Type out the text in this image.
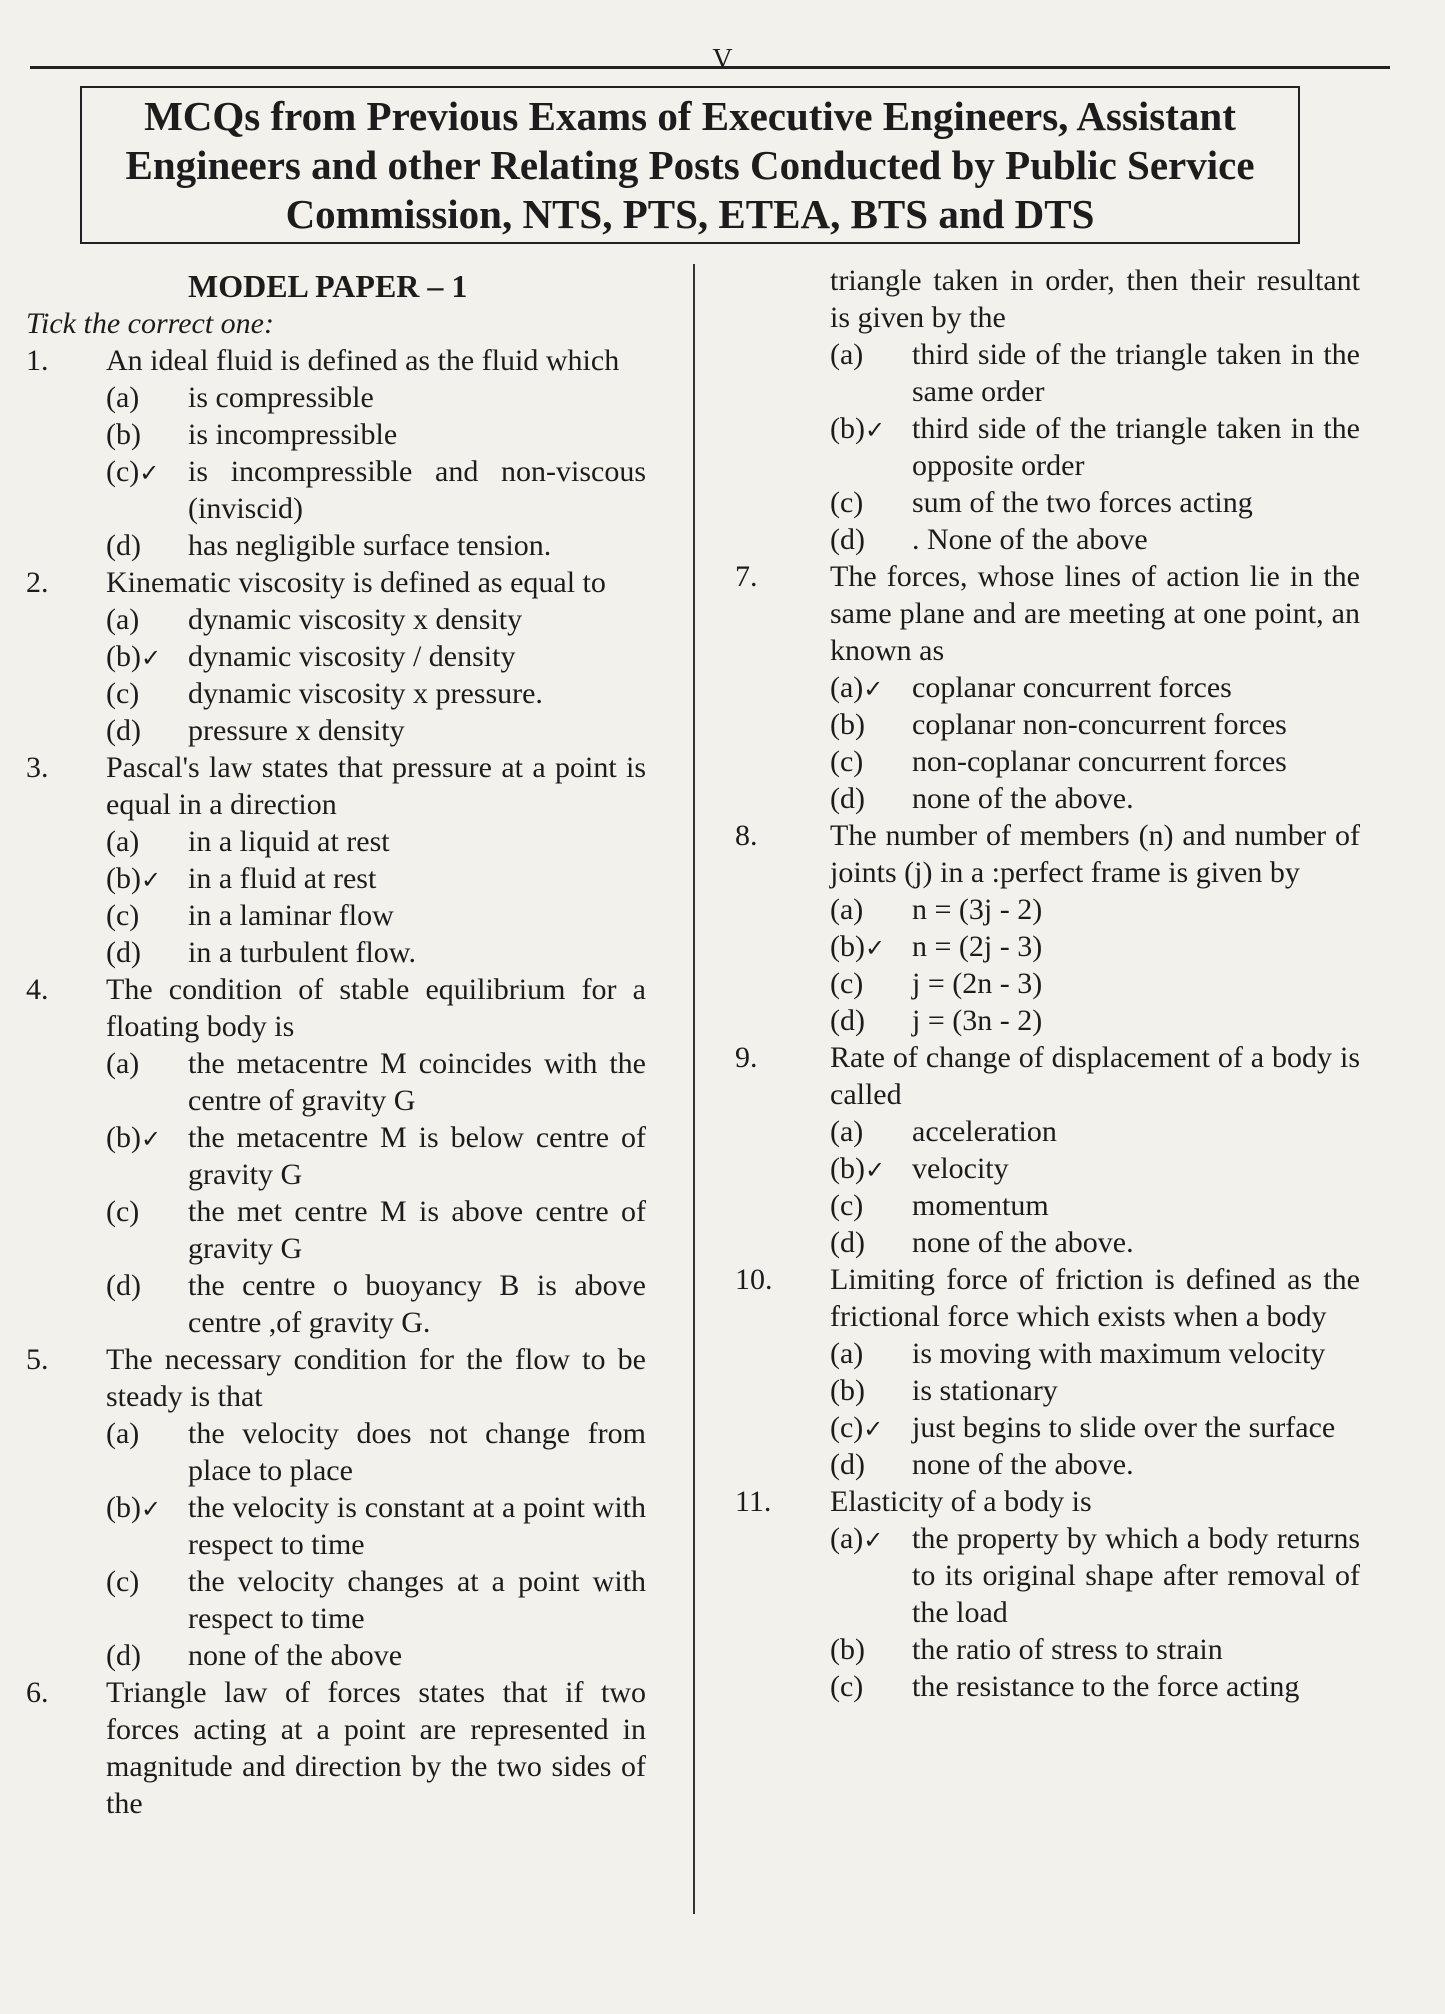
V
MCQs from Previous Exams of Executive Engineers, Assistant
Engineers and other Relating Posts Conducted by Public Service
Commission, NTS, PTS, ETEA, BTS and DTS
MODEL PAPER – 1
Tick the correct one:
1.	An ideal fluid is defined as the fluid which
(a)	is compressible
(b)	is incompressible
(c)✓ is incompressible and non-viscous (inviscid)
(d)	has negligible surface tension.
2.	Kinematic viscosity is defined as equal to
(a)	dynamic viscosity x density
(b)✓ dynamic viscosity / density
(c)	dynamic viscosity x pressure.
(d)	pressure x density
3.	Pascal's law states that pressure at a point is equal in a direction
(a)	in a liquid at rest
(b)✓ in a fluid at rest
(c)	in a laminar flow
(d)	in a turbulent flow.
4.	The condition of stable equilibrium for a floating body is
(a)	the metacentre M coincides with the centre of gravity G
(b)✓ the metacentre M is below centre of gravity G
(c)	the met centre M is above centre of gravity G
(d)	the centre o buoyancy B is above centre ,of gravity G.
5.	The necessary condition for the flow to be steady is that
(a)	the velocity does not change from place to place
(b)✓ the velocity is constant at a point with respect to time
(c)	the velocity changes at a point with respect to time
(d)	none of the above
6.	Triangle law of forces states that if two forces acting at a point are represented in magnitude and direction by the two sides of the
triangle taken in order, then their resultant is given by the
(a)	third side of the triangle taken in the same order
(b)✓ third side of the triangle taken in the opposite order
(c)	sum of the two forces acting
(d)	. None of the above
7.	The forces, whose lines of action lie in the same plane and are meeting at one point, an known as
(a)✓ coplanar concurrent forces
(b)	coplanar non-concurrent forces
(c)	non-coplanar concurrent forces
(d)	none of the above.
8.	The number of members (n) and number of joints (j) in a :perfect frame is given by
(a)	n = (3j - 2)
(b)✓ n = (2j - 3)
(c)	j = (2n - 3)
(d)	j = (3n - 2)
9.	Rate of change of displacement of a body is called
(a)	acceleration
(b)✓ velocity
(c)	momentum
(d)	none of the above.
10.	Limiting force of friction is defined as the frictional force which exists when a body
(a)	is moving with maximum velocity
(b)	is stationary
(c)✓ just begins to slide over the surface
(d)	none of the above.
11.	Elasticity of a body is
(a)✓ the property by which a body returns to its original shape after removal of the load
(b)	the ratio of stress to strain
(c)	the resistance to the force acting
